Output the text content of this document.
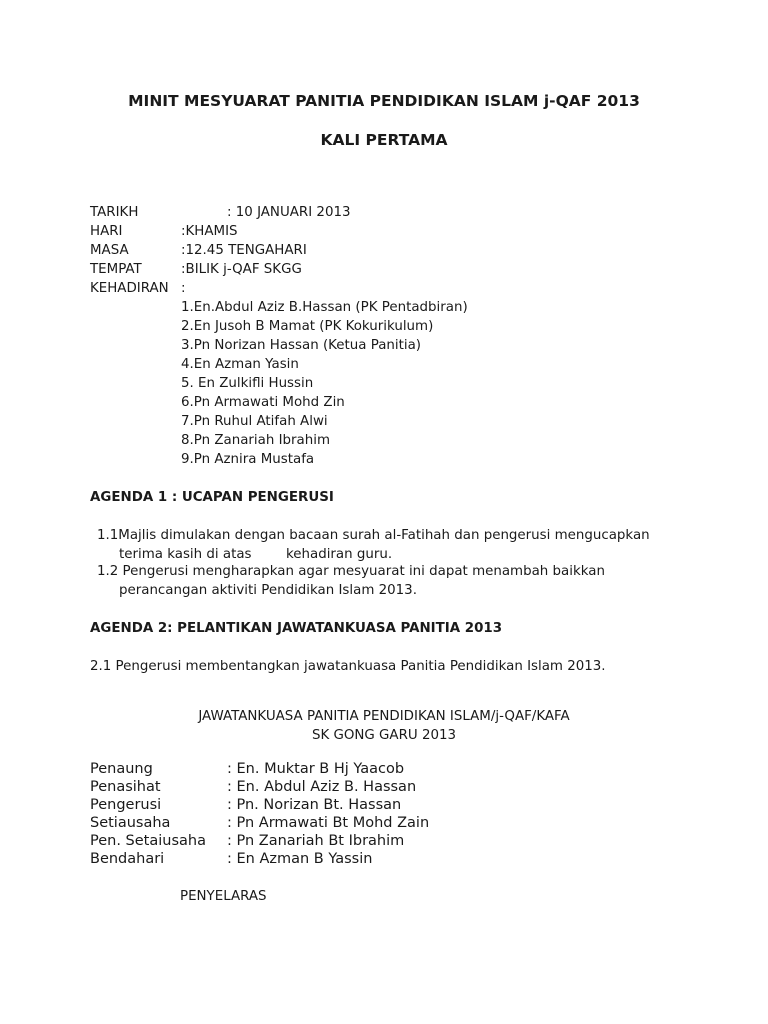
MINIT MESYUARAT PANITIA PENDIDIKAN ISLAM j-QAF 2013
KALI PERTAMA
TARIKH	: 10 JANUARI 2013
HARI	:KHAMIS
MASA	:12.45 TENGAHARI
TEMPAT	:BILIK j-QAF SKGG
KEHADIRAN :
1.En.Abdul Aziz B.Hassan (PK Pentadbiran)
2.En Jusoh B Mamat (PK Kokurikulum)
3.Pn Norizan Hassan (Ketua Panitia)
4.En Azman Yasin
5. En Zulkifli Hussin
6.Pn Armawati Mohd Zin
7.Pn Ruhul Atifah Alwi
8.Pn Zanariah Ibrahim
9.Pn Aznira Mustafa
AGENDA 1 : UCAPAN PENGERUSI
1.1Majlis dimulakan dengan bacaan surah al-Fatihah dan pengerusi mengucapkan
terima kasih di atas	kehadiran guru.
1.2 Pengerusi mengharapkan agar mesyuarat ini dapat menambah baikkan
perancangan aktiviti Pendidikan Islam 2013.
AGENDA 2: PELANTIKAN JAWATANKUASA PANITIA 2013
2.1 Pengerusi membentangkan jawatankuasa Panitia Pendidikan Islam 2013.
JAWATANKUASA PANITIA PENDIDIKAN ISLAM/j-QAF/KAFA
SK GONG GARU 2013
Penaung	: En. Muktar B Hj Yaacob
Penasihat	: En. Abdul Aziz B. Hassan
Pengerusi	: Pn. Norizan Bt. Hassan
Setiausaha	: Pn Armawati Bt Mohd Zain
Pen. Setaiusaha : Pn Zanariah Bt Ibrahim
Bendahari	: En Azman B Yassin
PENYELARAS
